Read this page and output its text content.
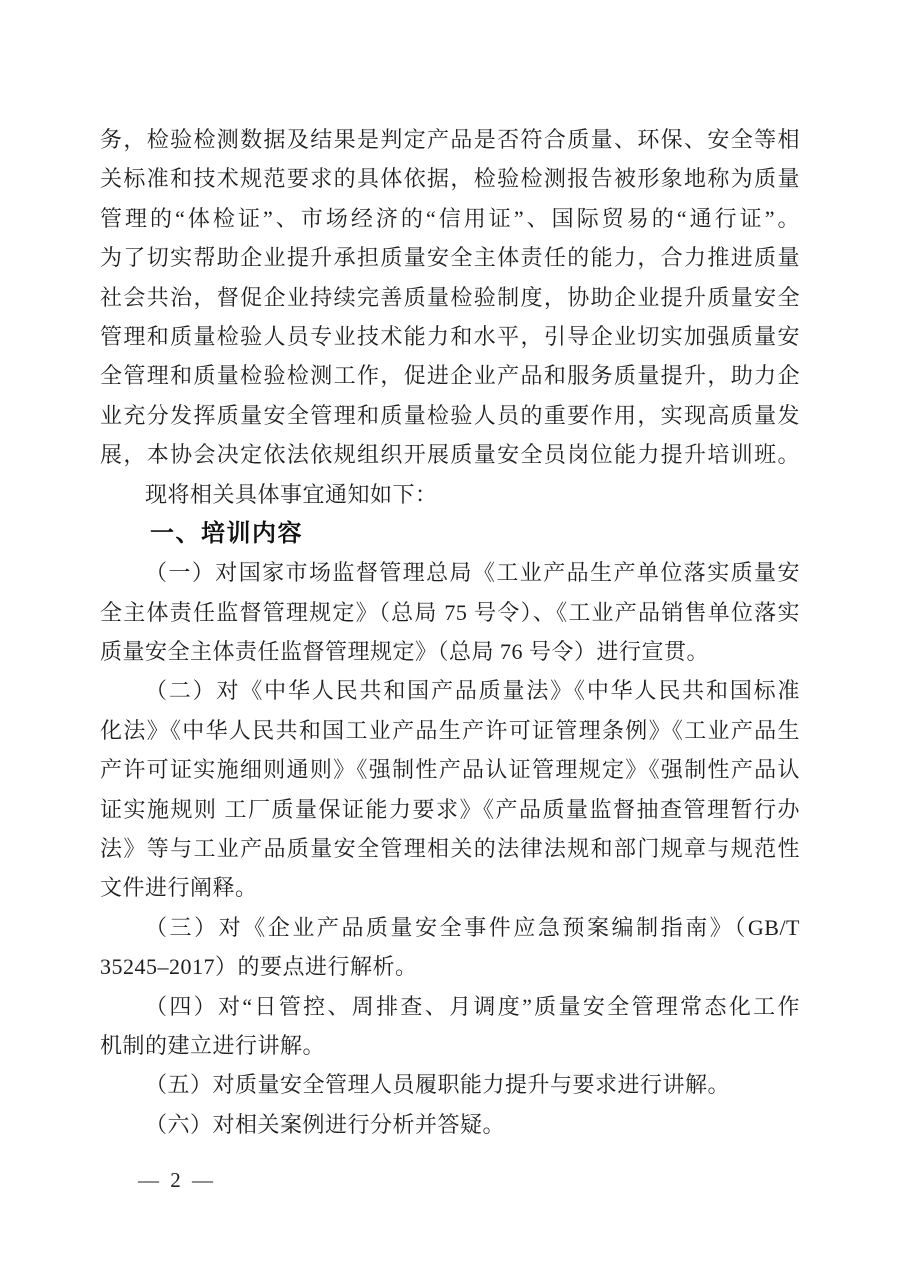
务，检验检测数据及结果是判定产品是否符合质量、环保、安全等相
关标准和技术规范要求的具体依据，检验检测报告被形象地称为质量
管理的“体检证”、市场经济的“信用证”、国际贸易的“通行证”。
为了切实帮助企业提升承担质量安全主体责任的能力，合力推进质量
社会共治，督促企业持续完善质量检验制度，协助企业提升质量安全
管理和质量检验人员专业技术能力和水平，引导企业切实加强质量安
全管理和质量检验检测工作，促进企业产品和服务质量提升，助力企
业充分发挥质量安全管理和质量检验人员的重要作用，实现高质量发
展，本协会决定依法依规组织开展质量安全员岗位能力提升培训班。
现将相关具体事宜通知如下：
一、培训内容
（一）对国家市场监督管理总局《工业产品生产单位落实质量安
全主体责任监督管理规定》（总局 75 号令）、《工业产品销售单位落实
质量安全主体责任监督管理规定》（总局 76 号令）进行宣贯。
（二）对《中华人民共和国产品质量法》《中华人民共和国标准
化法》《中华人民共和国工业产品生产许可证管理条例》《工业产品生
产许可证实施细则通则》《强制性产品认证管理规定》《强制性产品认
证实施规则 工厂质量保证能力要求》《产品质量监督抽查管理暂行办
法》等与工业产品质量安全管理相关的法律法规和部门规章与规范性
文件进行阐释。
（三）对《企业产品质量安全事件应急预案编制指南》（GB/T
35245–2017）的要点进行解析。
（四）对“日管控、周排查、月调度”质量安全管理常态化工作
机制的建立进行讲解。
（五）对质量安全管理人员履职能力提升与要求进行讲解。
（六）对相关案例进行分析并答疑。
— 2 —
